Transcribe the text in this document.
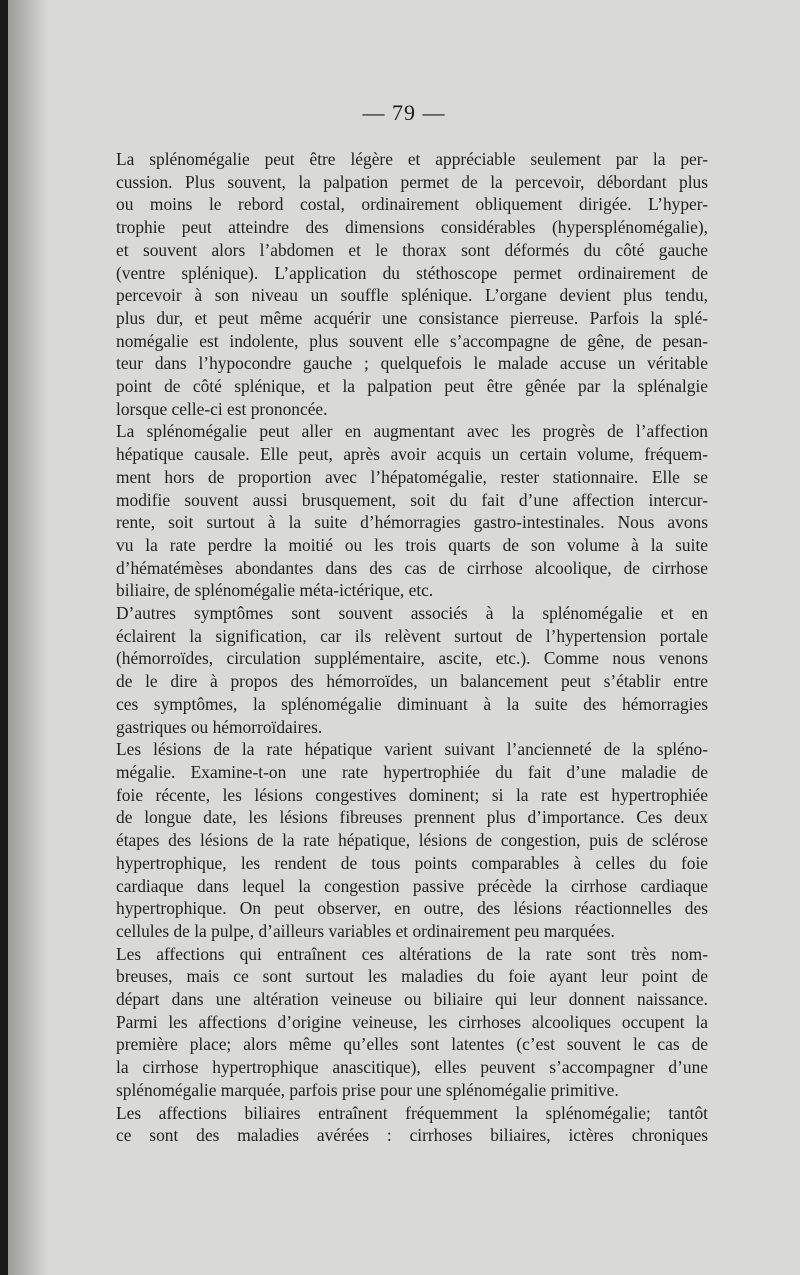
— 79 —
La splénomégalie peut être légère et appréciable seulement par la per-
cussion. Plus souvent, la palpation permet de la percevoir, débordant plus
ou moins le rebord costal, ordinairement obliquement dirigée. L’hyper-
trophie peut atteindre des dimensions considérables (hypersplénomégalie),
et souvent alors l’abdomen et le thorax sont déformés du côté gauche
(ventre splénique). L’application du stéthoscope permet ordinairement de
percevoir à son niveau un souffle splénique. L’organe devient plus tendu,
plus dur, et peut même acquérir une consistance pierreuse. Parfois la splé-
nomégalie est indolente, plus souvent elle s’accompagne de gêne, de pesan-
teur dans l’hypocondre gauche ; quelquefois le malade accuse un véritable
point de côté splénique, et la palpation peut être gênée par la splénalgie
lorsque celle-ci est prononcée.
La splénomégalie peut aller en augmentant avec les progrès de l’affection
hépatique causale. Elle peut, après avoir acquis un certain volume, fréquem-
ment hors de proportion avec l’hépatomégalie, rester stationnaire. Elle se
modifie souvent aussi brusquement, soit du fait d’une affection intercur-
rente, soit surtout à la suite d’hémorragies gastro-intestinales. Nous avons
vu la rate perdre la moitié ou les trois quarts de son volume à la suite
d’hématémèses abondantes dans des cas de cirrhose alcoolique, de cirrhose
biliaire, de splénomégalie méta-ictérique, etc.
D’autres symptômes sont souvent associés à la splénomégalie et en
éclairent la signification, car ils relèvent surtout de l’hypertension portale
(hémorroïdes, circulation supplémentaire, ascite, etc.). Comme nous venons
de le dire à propos des hémorroïdes, un balancement peut s’établir entre
ces symptômes, la splénomégalie diminuant à la suite des hémorragies
gastriques ou hémorroïdaires.
Les lésions de la rate hépatique varient suivant l’ancienneté de la spléno-
mégalie. Examine-t-on une rate hypertrophiée du fait d’une maladie de
foie récente, les lésions congestives dominent; si la rate est hypertrophiée
de longue date, les lésions fibreuses prennent plus d’importance. Ces deux
étapes des lésions de la rate hépatique, lésions de congestion, puis de sclérose
hypertrophique, les rendent de tous points comparables à celles du foie
cardiaque dans lequel la congestion passive précède la cirrhose cardiaque
hypertrophique. On peut observer, en outre, des lésions réactionnelles des
cellules de la pulpe, d’ailleurs variables et ordinairement peu marquées.
Les affections qui entraînent ces altérations de la rate sont très nom-
breuses, mais ce sont surtout les maladies du foie ayant leur point de
départ dans une altération veineuse ou biliaire qui leur donnent naissance.
Parmi les affections d’origine veineuse, les cirrhoses alcooliques occupent la
première place; alors même qu’elles sont latentes (c’est souvent le cas de
la cirrhose hypertrophique anascitique), elles peuvent s’accompagner d’une
splénomégalie marquée, parfois prise pour une splénomégalie primitive.
Les affections biliaires entraînent fréquemment la splénomégalie; tantôt
ce sont des maladies avérées : cirrhoses biliaires, ictères chroniques
